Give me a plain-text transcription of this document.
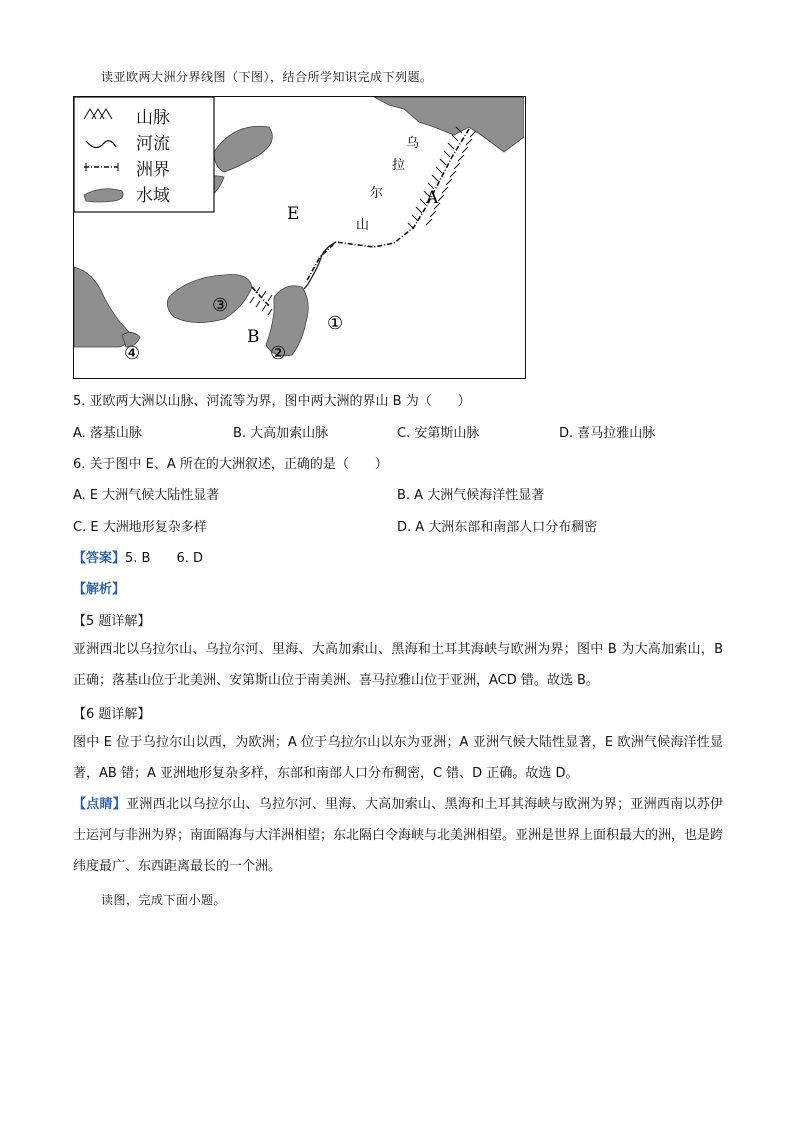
读亚欧两大洲分界线图（下图），结合所学知识完成下列题。
山脉
河流
洲界
水域
E
A
B
乌
拉
尔
山
①
②
③
④
5. 亚欧两大洲以山脉、河流等为界，图中两大洲的界山 B 为（　　）
A. 落基山脉	B. 大高加索山脉	C. 安第斯山脉	D. 喜马拉雅山脉
6. 关于图中 E、A 所在的大洲叙述，正确的是（　　）
A. E 大洲气候大陆性显著	B. A 大洲气候海洋性显著
C. E 大洲地形复杂多样	D. A 大洲东部和南部人口分布稠密
【答案】5. B　　6. D
【解析】
【5 题详解】
亚洲西北以乌拉尔山、乌拉尔河、里海、大高加索山、黑海和土耳其海峡与欧洲为界；图中 B 为大高加索山，B 正确；落基山位于北美洲、安第斯山位于南美洲、喜马拉雅山位于亚洲，ACD 错。故选 B。
【6 题详解】
图中 E 位于乌拉尔山以西，为欧洲；A 位于乌拉尔山以东为亚洲；A 亚洲气候大陆性显著，E 欧洲气候海洋性显著，AB 错；A 亚洲地形复杂多样，东部和南部人口分布稠密，C 错、D 正确。故选 D。
【点睛】亚洲西北以乌拉尔山、乌拉尔河、里海、大高加索山、黑海和土耳其海峡与欧洲为界；亚洲西南以苏伊士运河与非洲为界；南面隔海与大洋洲相望；东北隔白令海峡与北美洲相望。亚洲是世界上面积最大的洲，也是跨纬度最广、东西距离最长的一个洲。
读图，完成下面小题。
